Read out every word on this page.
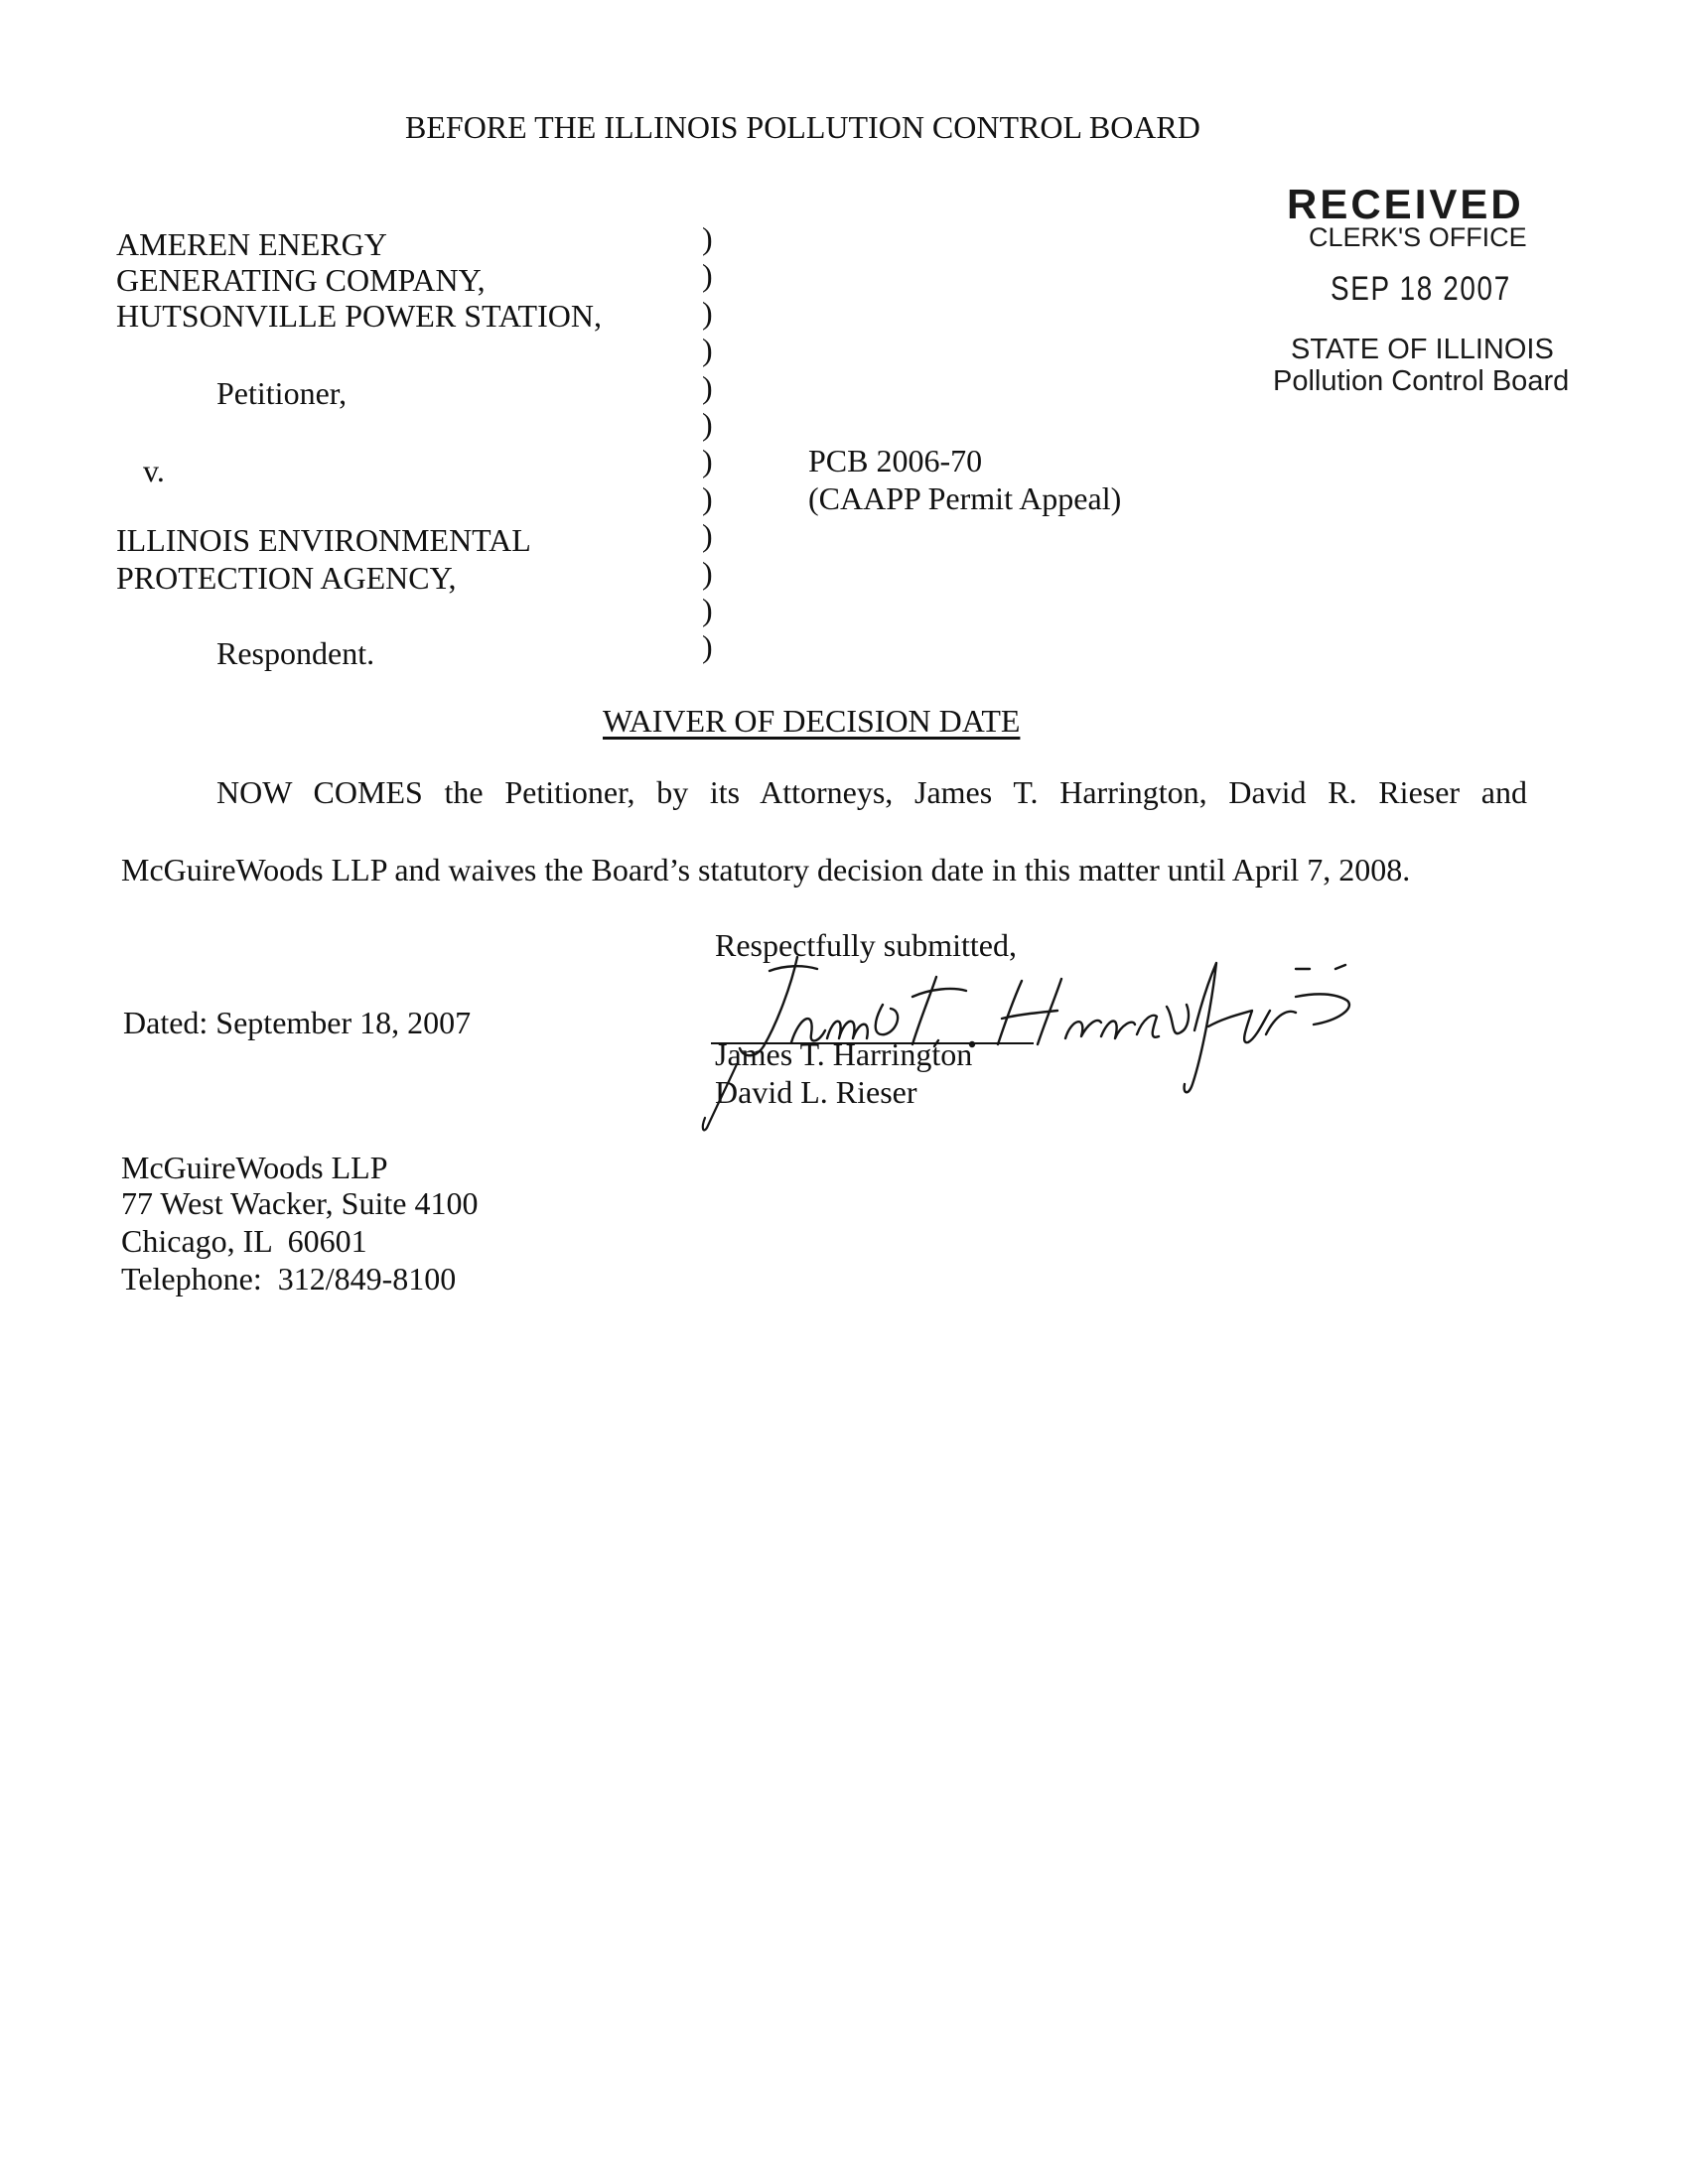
BEFORE THE ILLINOIS POLLUTION CONTROL BOARD
RECEIVED
CLERK'S OFFICE
SEP 18 2007
STATE OF ILLINOIS
Pollution Control Board
AMEREN ENERGY
GENERATING COMPANY,
HUTSONVILLE POWER STATION,
Petitioner,
v.
ILLINOIS ENVIRONMENTAL
PROTECTION AGENCY,
Respondent.
)
)
)
)
)
)
)
)
)
)
)
)
PCB 2006-70
(CAAPP Permit Appeal)
WAIVER OF DECISION DATE
NOW COMES the Petitioner, by its Attorneys, James T. Harrington, David R. Rieser and
McGuireWoods LLP and waives the Board’s statutory decision date in this matter until April 7, 2008.
Respectfully submitted,
Dated: September 18, 2007
James T. Harrington
David L. Rieser
McGuireWoods LLP
77 West Wacker, Suite 4100
Chicago, IL  60601
Telephone:  312/849-8100
